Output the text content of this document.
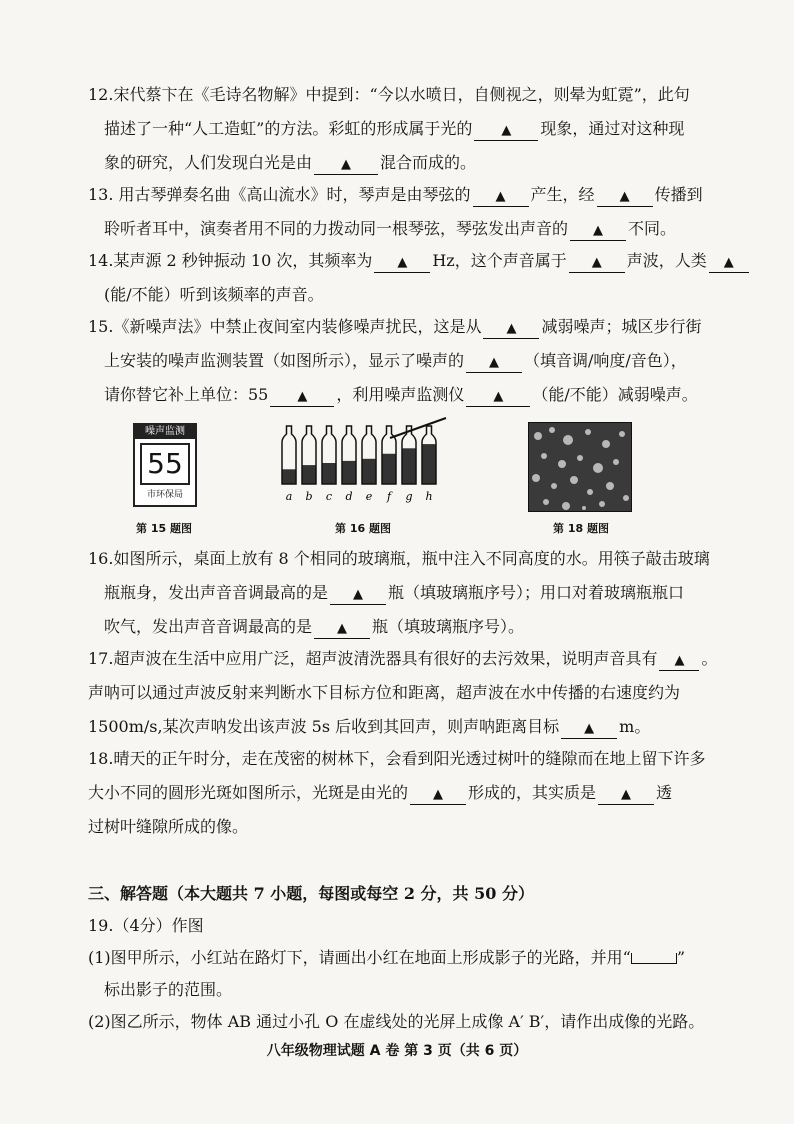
12.宋代蔡卞在《毛诗名物解》中提到：“今以水喷日，自侧视之，则晕为虹霓”，此句

描述了一种“人工造虹”的方法。彩虹的形成属于光的 ▲ 现象，通过对这种现

象的研究，人们发现白光是由 ▲ 混合而成的。

13. 用古琴弹奏名曲《高山流水》时，琴声是由琴弦的 ▲ 产生，经 ▲ 传播到

聆听者耳中，演奏者用不同的力拨动同一根琴弦，琴弦发出声音的 ▲ 不同。

14.某声源 2 秒钟振动 10 次，其频率为 ▲ Hz，这个声音属于 ▲ 声波，人类 ▲

(能/不能）听到该频率的声音。

15.《新噪声法》中禁止夜间室内装修噪声扰民，这是从 ▲ 减弱噪声；城区步行街

上安装的噪声监测装置（如图所示），显示了噪声的 ▲ （填音调/响度/音色），

请你替它补上单位：55 ▲ ，利用噪声监测仪 ▲ （能/不能）减弱噪声。

噪声监测
55
市环保局
第 15 题图
a b c d e f g h
第 16 题图	第 18 题图

16.如图所示，桌面上放有 8 个相同的玻璃瓶，瓶中注入不同高度的水。用筷子敲击玻璃

瓶瓶身，发出声音音调最高的是 ▲ 瓶（填玻璃瓶序号）；用口对着玻璃瓶瓶口

吹气，发出声音音调最高的是 ▲ 瓶（填玻璃瓶序号）。

17.超声波在生活中应用广泛，超声波清洗器具有很好的去污效果，说明声音具有 ▲ 。

声呐可以通过声波反射来判断水下目标方位和距离，超声波在水中传播的右速度约为

1500m/s,某次声呐发出该声波 5s 后收到其回声，则声呐距离目标 ▲ m。

18.晴天的正午时分，走在茂密的树林下，会看到阳光透过树叶的缝隙而在地上留下许多

大小不同的圆形光斑如图所示，光斑是由光的 ▲ 形成的，其实质是 ▲ 透

过树叶缝隙所成的像。

三、解答题（本大题共 7 小题，每图或每空 2 分，共 50 分）

19.（4分）作图

(1)图甲所示，小红站在路灯下，请画出小红在地面上形成影子的光路，并用“	”

标出影子的范围。

(2)图乙所示，物体 AB 通过小孔 O 在虚线处的光屏上成像 A′ B′，请作出成像的光路。

八年级物理试题 A 卷 第 3 页（共 6 页）
